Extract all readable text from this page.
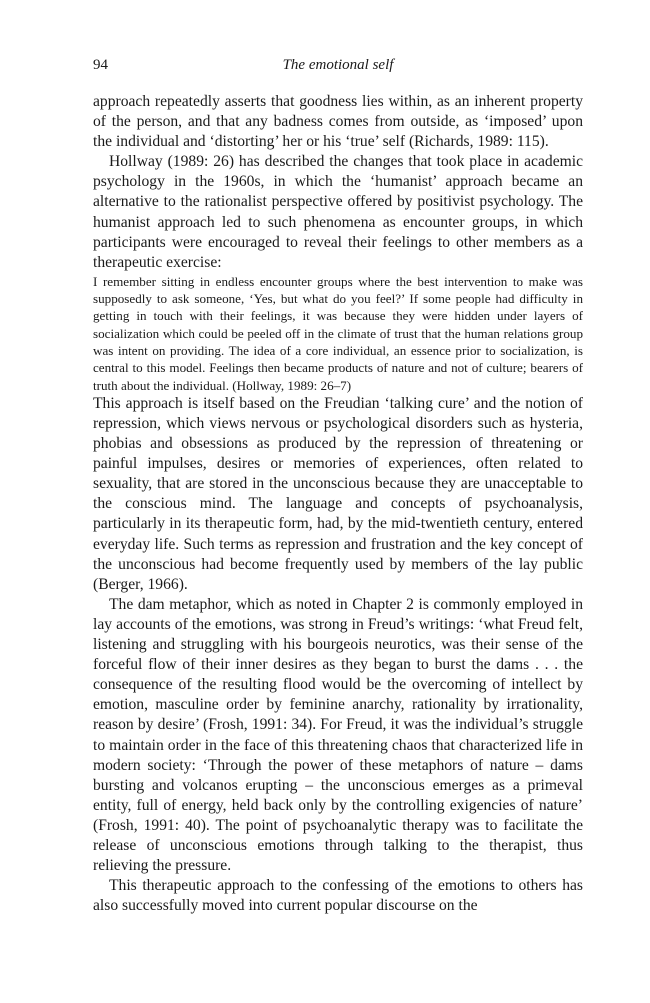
94	The emotional self

approach repeatedly asserts that goodness lies within, as an inherent property of the person, and that any badness comes from outside, as ‘imposed’ upon the individual and ‘distorting’ her or his ‘true’ self (Richards, 1989: 115).

Hollway (1989: 26) has described the changes that took place in academic psychology in the 1960s, in which the ‘humanist’ approach became an alternative to the rationalist perspective offered by positivist psychology. The humanist approach led to such phenomena as encounter groups, in which participants were encouraged to reveal their feelings to other members as a therapeutic exercise:

I remember sitting in endless encounter groups where the best intervention to make was supposedly to ask someone, ‘Yes, but what do you feel?’ If some people had difficulty in getting in touch with their feelings, it was because they were hidden under layers of socialization which could be peeled off in the climate of trust that the human relations group was intent on providing. The idea of a core individual, an essence prior to socialization, is central to this model. Feelings then became products of nature and not of culture; bearers of truth about the individual. (Hollway, 1989: 26–7)

This approach is itself based on the Freudian ‘talking cure’ and the notion of repression, which views nervous or psychological disorders such as hysteria, phobias and obsessions as produced by the repression of threatening or painful impulses, desires or memories of experiences, often related to sexuality, that are stored in the unconscious because they are unacceptable to the conscious mind. The language and concepts of psychoanalysis, particularly in its therapeutic form, had, by the mid-twentieth century, entered everyday life. Such terms as repression and frustration and the key concept of the unconscious had become frequently used by members of the lay public (Berger, 1966).

The dam metaphor, which as noted in Chapter 2 is commonly employed in lay accounts of the emotions, was strong in Freud’s writings: ‘what Freud felt, listening and struggling with his bourgeois neurotics, was their sense of the forceful flow of their inner desires as they began to burst the dams . . . the consequence of the resulting flood would be the overcoming of intellect by emotion, masculine order by feminine anarchy, rationality by irrationality, reason by desire’ (Frosh, 1991: 34). For Freud, it was the individual’s struggle to maintain order in the face of this threatening chaos that characterized life in modern society: ‘Through the power of these metaphors of nature – dams bursting and volcanos erupting – the unconscious emerges as a primeval entity, full of energy, held back only by the controlling exigencies of nature’ (Frosh, 1991: 40). The point of psychoanalytic therapy was to facilitate the release of unconscious emotions through talking to the therapist, thus relieving the pressure.

This therapeutic approach to the confessing of the emotions to others has also successfully moved into current popular discourse on the
